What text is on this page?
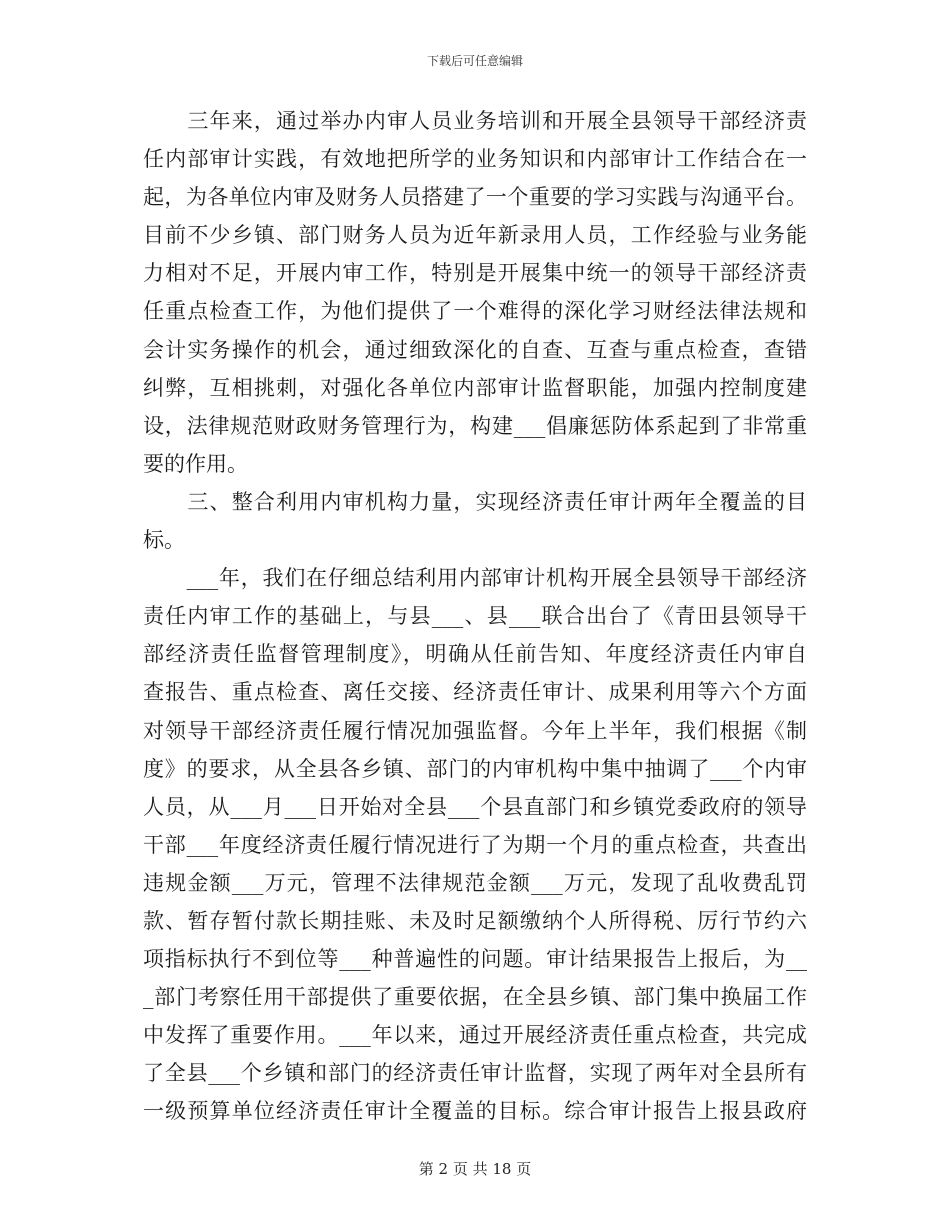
下载后可任意编辑
　　三年来，通过举办内审人员业务培训和开展全县领导干部经济责
任内部审计实践，有效地把所学的业务知识和内部审计工作结合在一
起，为各单位内审及财务人员搭建了一个重要的学习实践与沟通平台。
目前不少乡镇、部门财务人员为近年新录用人员，工作经验与业务能
力相对不足，开展内审工作，特别是开展集中统一的领导干部经济责
任重点检查工作，为他们提供了一个难得的深化学习财经法律法规和
会计实务操作的机会，通过细致深化的自查、互查与重点检查，查错
纠弊，互相挑刺，对强化各单位内部审计监督职能，加强内控制度建
设，法律规范财政财务管理行为，构建___倡廉惩防体系起到了非常重
要的作用。
　　三、整合利用内审机构力量，实现经济责任审计两年全覆盖的目
标。
　　___年，我们在仔细总结利用内部审计机构开展全县领导干部经济
责任内审工作的基础上，与县___、县___联合出台了《青田县领导干
部经济责任监督管理制度》，明确从任前告知、年度经济责任内审自
查报告、重点检查、离任交接、经济责任审计、成果利用等六个方面
对领导干部经济责任履行情况加强监督。今年上半年，我们根据《制
度》的要求，从全县各乡镇、部门的内审机构中集中抽调了___个内审
人员，从___月___日开始对全县___个县直部门和乡镇党委政府的领导
干部___年度经济责任履行情况进行了为期一个月的重点检查，共查出
违规金额___万元，管理不法律规范金额___万元，发现了乱收费乱罚
款、暂存暂付款长期挂账、未及时足额缴纳个人所得税、厉行节约六
项指标执行不到位等___种普遍性的问题。审计结果报告上报后，为__
_部门考察任用干部提供了重要依据，在全县乡镇、部门集中换届工作
中发挥了重要作用。___年以来，通过开展经济责任重点检查，共完成
了全县___个乡镇和部门的经济责任审计监督，实现了两年对全县所有
一级预算单位经济责任审计全覆盖的目标。综合审计报告上报县政府
第 2 页 共 18 页
